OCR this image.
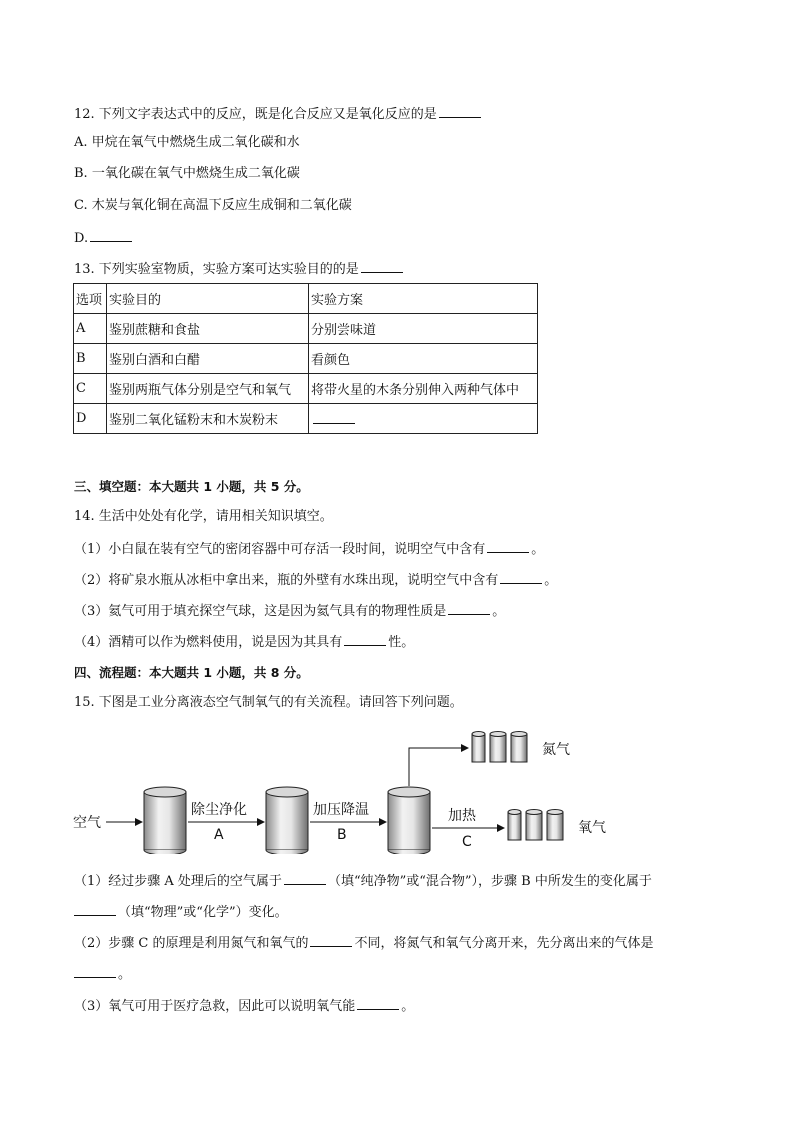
12. 下列文字表达式中的反应，既是化合反应又是氧化反应的是
A. 甲烷在氧气中燃烧生成二氧化碳和水
B. 一氧化碳在氧气中燃烧生成二氧化碳
C. 木炭与氧化铜在高温下反应生成铜和二氧化碳
D.
13. 下列实验室物质，实验方案可达实验目的的是
选项	实验目的	实验方案
A	鉴别蔗糖和食盐	分别尝味道
B	鉴别白酒和白醋	看颜色
C	鉴别两瓶气体分别是空气和氧气	将带火星的木条分别伸入两种气体中
D	鉴别二氧化锰粉末和木炭粉末	
三、填空题：本大题共 1 小题，共 5 分。
14. 生活中处处有化学，请用相关知识填空。
（1）小白鼠在装有空气的密闭容器中可存活一段时间，说明空气中含有	。
（2）将矿泉水瓶从冰柜中拿出来，瓶的外壁有水珠出现，说明空气中含有	。
（3）氦气可用于填充探空气球，这是因为氦气具有的物理性质是	。
（4）酒精可以作为燃料使用，说是因为其具有	性。
四、流程题：本大题共 1 小题，共 8 分。
15. 下图是工业分离液态空气制氧气的有关流程。请回答下列问题。
空气
除尘净化
A
加压降温
B
氮气
加热
C
氧气
（1）经过步骤 A 处理后的空气属于	（填“纯净物”或“混合物”），步骤 B 中所发生的变化属于
（填“物理”或“化学”）变化。
（2）步骤 C 的原理是利用氮气和氧气的	不同，将氮气和氧气分离开来，先分离出来的气体是
。
（3）氧气可用于医疗急救，因此可以说明氧气能	。
